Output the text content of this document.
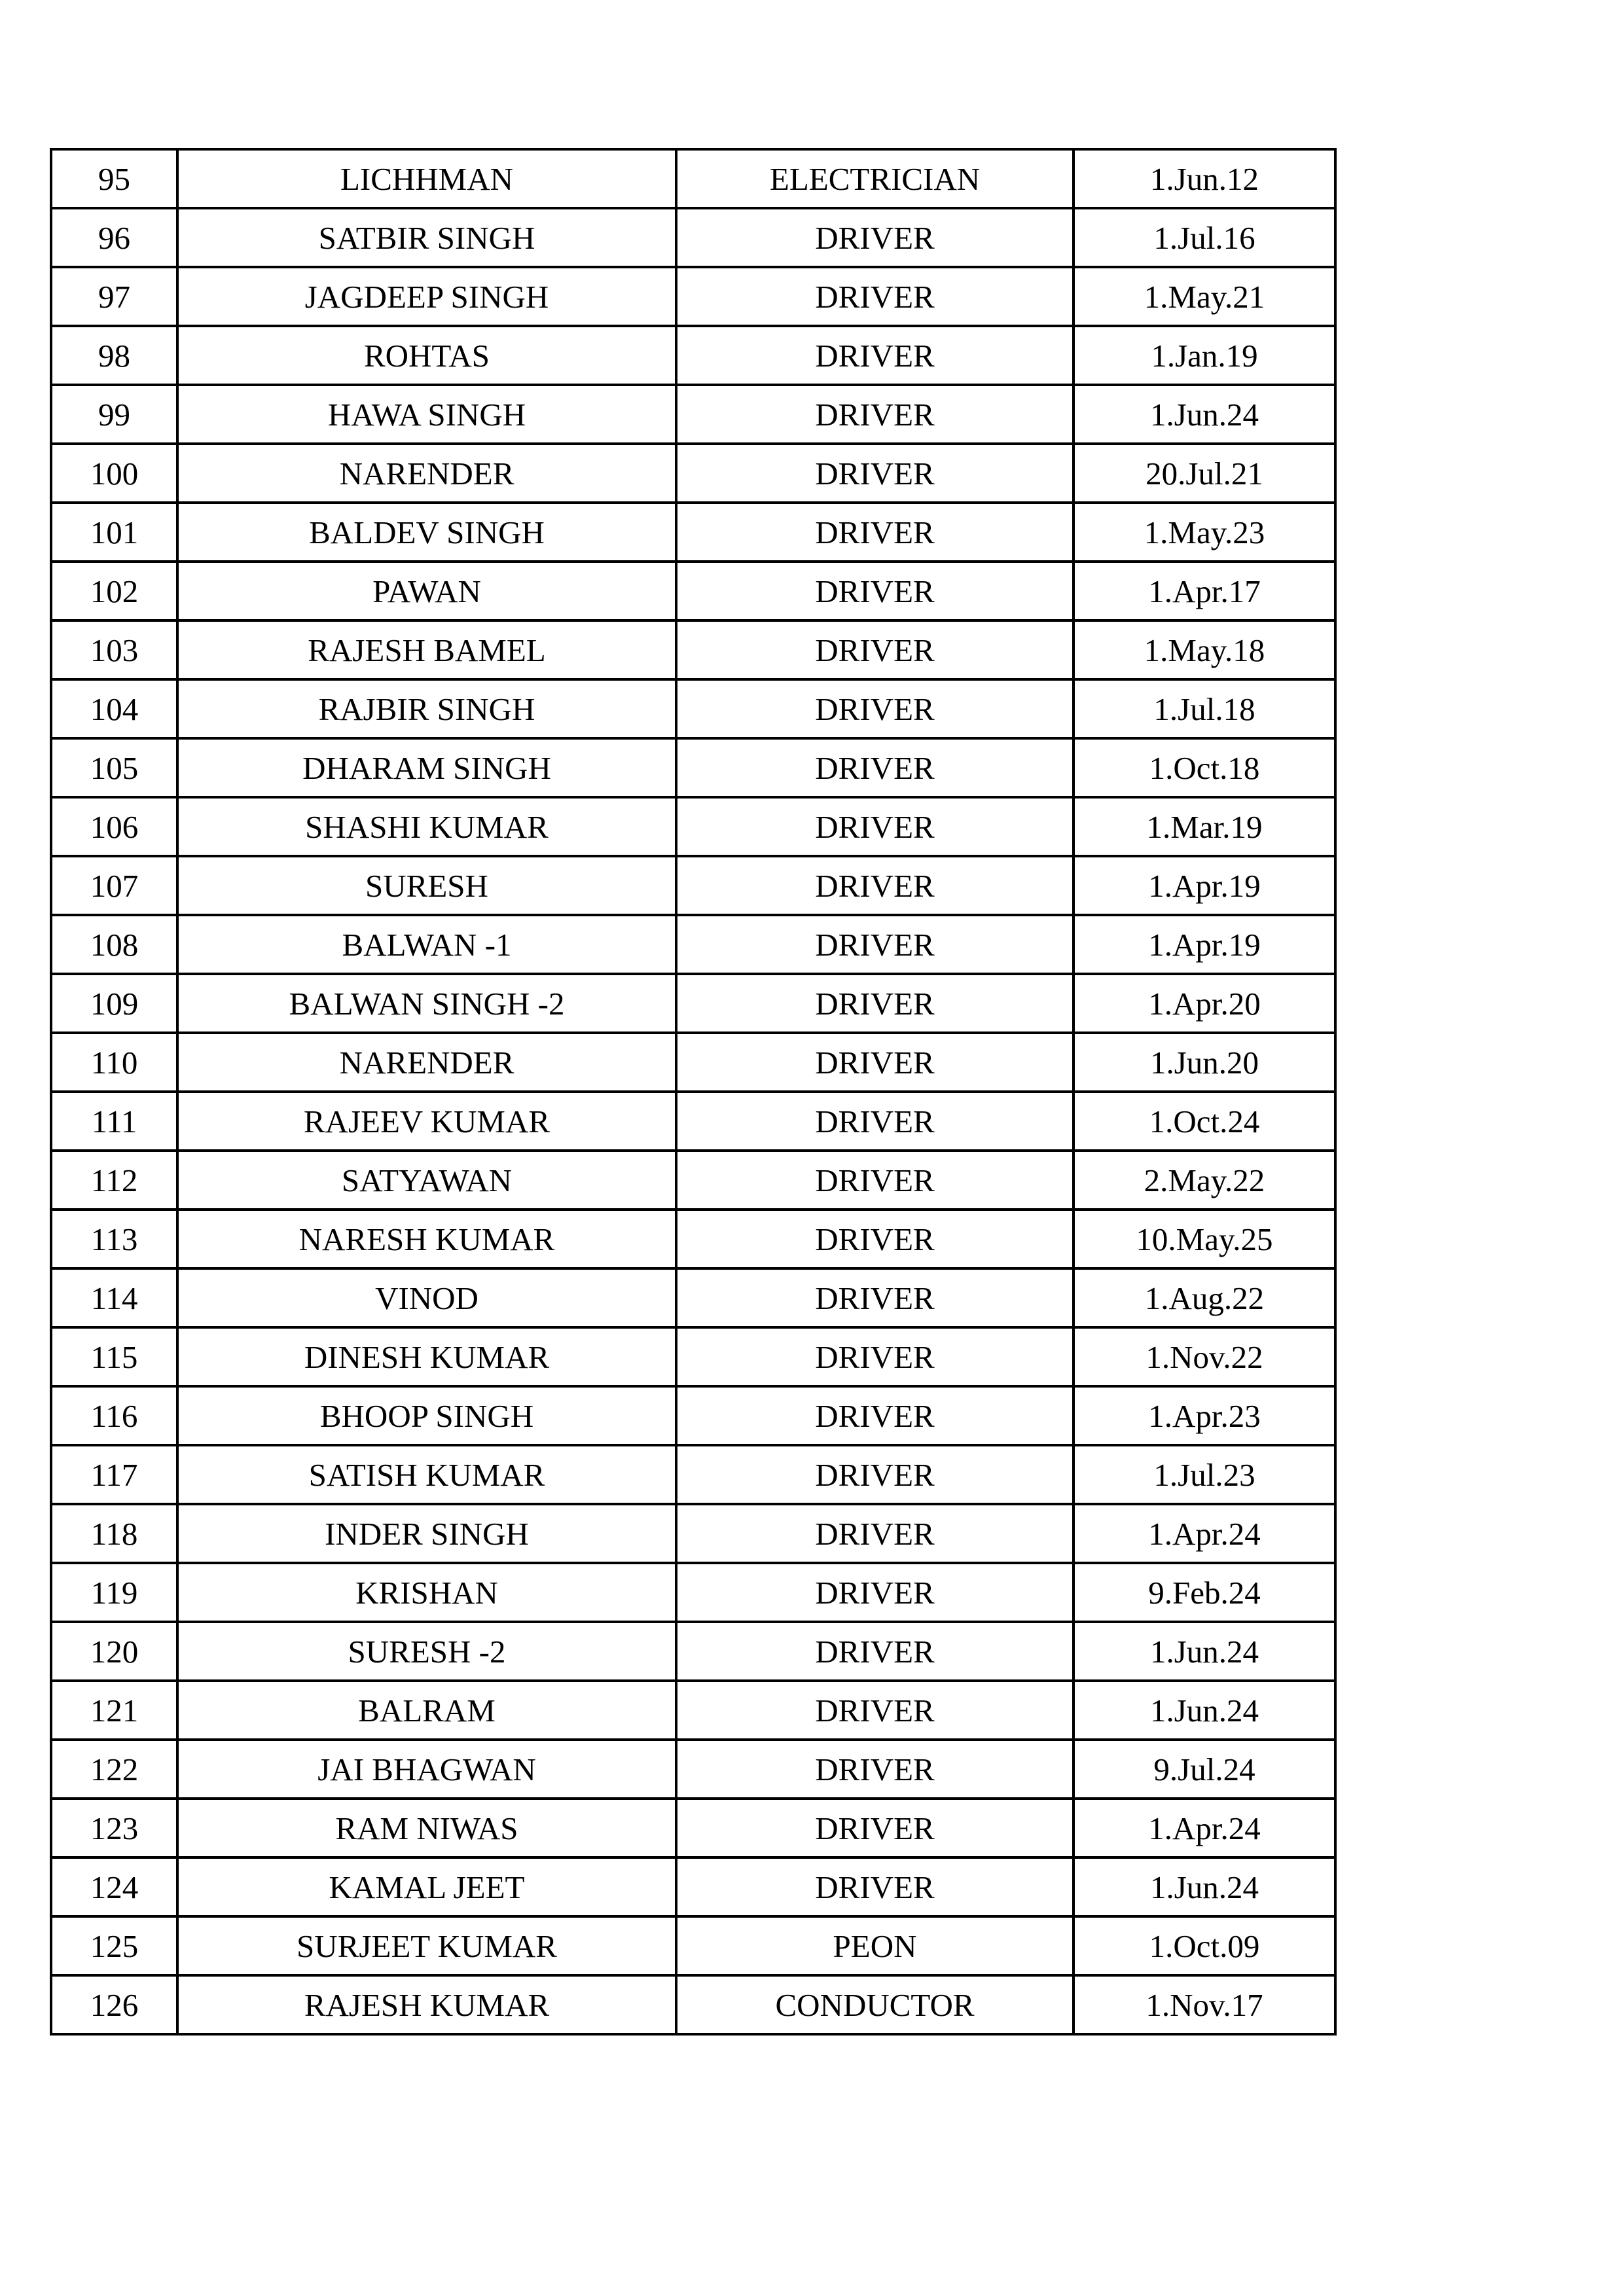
95	LICHHMAN	ELECTRICIAN	1.Jun.12
96	SATBIR SINGH	DRIVER	1.Jul.16
97	JAGDEEP SINGH	DRIVER	1.May.21
98	ROHTAS	DRIVER	1.Jan.19
99	HAWA SINGH	DRIVER	1.Jun.24
100	NARENDER	DRIVER	20.Jul.21
101	BALDEV SINGH	DRIVER	1.May.23
102	PAWAN	DRIVER	1.Apr.17
103	RAJESH BAMEL	DRIVER	1.May.18
104	RAJBIR SINGH	DRIVER	1.Jul.18
105	DHARAM SINGH	DRIVER	1.Oct.18
106	SHASHI KUMAR	DRIVER	1.Mar.19
107	SURESH	DRIVER	1.Apr.19
108	BALWAN -1	DRIVER	1.Apr.19
109	BALWAN SINGH -2	DRIVER	1.Apr.20
110	NARENDER	DRIVER	1.Jun.20
111	RAJEEV KUMAR	DRIVER	1.Oct.24
112	SATYAWAN	DRIVER	2.May.22
113	NARESH KUMAR	DRIVER	10.May.25
114	VINOD	DRIVER	1.Aug.22
115	DINESH KUMAR	DRIVER	1.Nov.22
116	BHOOP SINGH	DRIVER	1.Apr.23
117	SATISH KUMAR	DRIVER	1.Jul.23
118	INDER SINGH	DRIVER	1.Apr.24
119	KRISHAN	DRIVER	9.Feb.24
120	SURESH -2	DRIVER	1.Jun.24
121	BALRAM	DRIVER	1.Jun.24
122	JAI BHAGWAN	DRIVER	9.Jul.24
123	RAM NIWAS	DRIVER	1.Apr.24
124	KAMAL JEET	DRIVER	1.Jun.24
125	SURJEET KUMAR	PEON	1.Oct.09
126	RAJESH KUMAR	CONDUCTOR	1.Nov.17
